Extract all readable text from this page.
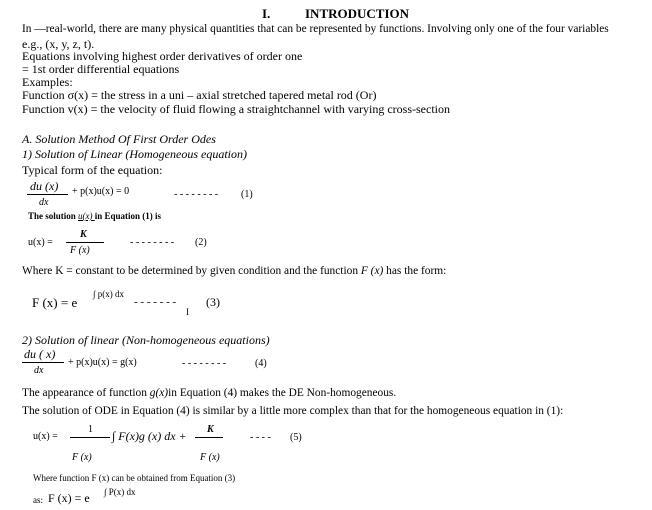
I.	INTRODUCTION
In —real-world, there are many physical quantities that can be represented by functions. Involving only one of the four variables
e.g., (x, y, z, t).
Equations involving highest order derivatives of order one
= 1st order differential equations
Examples:
Function σ(x) = the stress in a uni – axial stretched tapered metal rod (Or)
Function v(x) = the velocity of fluid flowing a straightchannel with varying cross-section
A. Solution Method Of First Order Odes
1) Solution of Linear (Homogeneous equation)
Typical form of the equation:
du (x)
dx
+ p(x)u(x) = 0	- - - - - - - - (1)
The solution u(x) in Equation (1) is
u(x) =
K
F (x)
- - - - - - - - (2)
Where K = constant to be determined by given condition and the function F (x) has the form:
F (x) = e
∫ p(x) dx
- - - - - - - (3)
I
2) Solution of linear (Non-homogeneous equations)
du ( x)
dx
+ p(x)u(x) = g(x)	- - - - - - - -	(4)
The appearance of function g(x)in Equation (4) makes the DE Non-homogeneous.
The solution of ODE in Equation (4) is similar by a little more complex than that for the homogeneous equation in (1):
u(x) =
1 ∫ F(x)g (x) dx + K
F (x)	F (x)
- - - - (5)
Where function F (x) can be obtained from Equation (3)
as: F (x) = e ∫ P(x) dx
